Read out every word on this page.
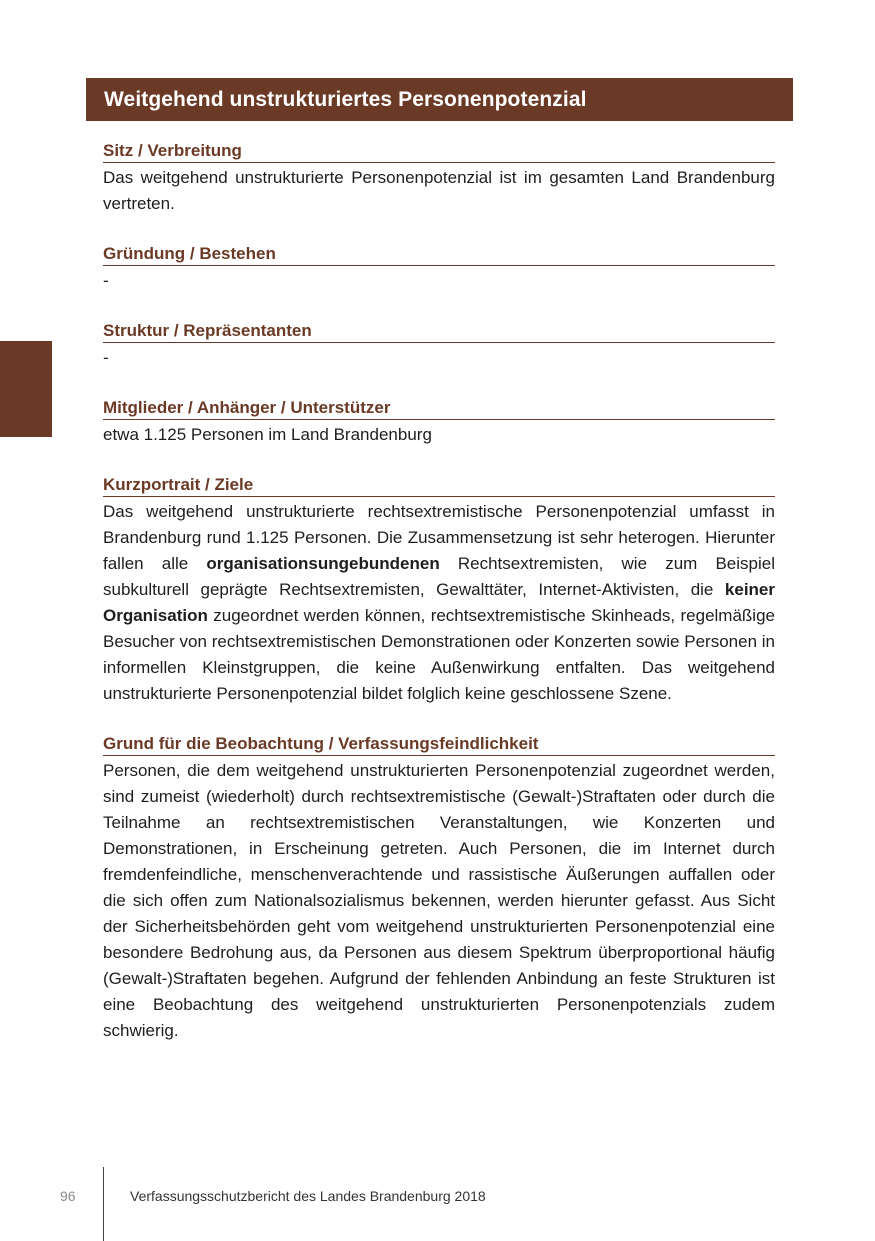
Weitgehend unstrukturiertes Personenpotenzial
Sitz / Verbreitung

Das weitgehend unstrukturierte Personenpotenzial ist im gesamten Land Brandenburg vertreten.

Gründung / Bestehen

-

Struktur / Repräsentanten

-

Mitglieder / Anhänger / Unterstützer

etwa 1.125 Personen im Land Brandenburg

Kurzportrait / Ziele

Das weitgehend unstrukturierte rechtsextremistische Personenpotenzial umfasst in Brandenburg rund 1.125 Personen. Die Zusammensetzung ist sehr heterogen. Hierunter fallen alle organisationsungebundenen Rechtsextremisten, wie zum Beispiel subkulturell geprägte Rechtsextremisten, Gewalttäter, Internet-Aktivisten, die keiner Organisation zugeordnet werden können, rechtsextremistische Skinheads, regelmäßige Besucher von rechtsextremistischen Demonstrationen oder Konzerten sowie Personen in informellen Kleinstgruppen, die keine Außenwirkung entfalten. Das weitgehend unstrukturierte Personenpotenzial bildet folglich keine geschlossene Szene.

Grund für die Beobachtung / Verfassungsfeindlichkeit

Personen, die dem weitgehend unstrukturierten Personenpotenzial zugeordnet werden, sind zumeist (wiederholt) durch rechtsextremistische (Gewalt-)Straftaten oder durch die Teilnahme an rechtsextremistischen Veranstaltungen, wie Konzerten und Demonstrationen, in Erscheinung getreten. Auch Personen, die im Internet durch fremdenfeindliche, menschenverachtende und rassistische Äußerungen auffallen oder die sich offen zum Nationalsozialismus bekennen, werden hierunter gefasst. Aus Sicht der Sicherheitsbehörden geht vom weitgehend unstrukturierten Personenpotenzial eine besondere Bedrohung aus, da Personen aus diesem Spektrum überproportional häufig (Gewalt-)Straftaten begehen. Aufgrund der fehlenden Anbindung an feste Strukturen ist eine Beobachtung des weitgehend unstrukturierten Personenpotenzials zudem schwierig.

96	Verfassungsschutzbericht des Landes Brandenburg 2018
